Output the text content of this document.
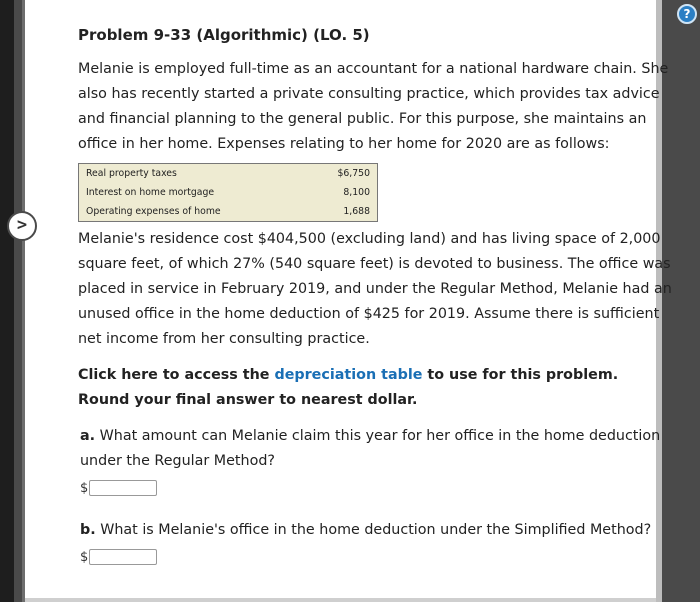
Problem 9-33 (Algorithmic) (LO. 5)

Melanie is employed full-time as an accountant for a national hardware chain. She also has recently started a private consulting practice, which provides tax advice and financial planning to the general public. For this purpose, she maintains an office in her home. Expenses relating to her home for 2020 are as follows:

Real property taxes	$6,750
Interest on home mortgage	8,100
Operating expenses of home	1,688

Melanie's residence cost $404,500 (excluding land) and has living space of 2,000 square feet, of which 27% (540 square feet) is devoted to business. The office was placed in service in February 2019, and under the Regular Method, Melanie had an unused office in the home deduction of $425 for 2019. Assume there is sufficient net income from her consulting practice.

Click here to access the depreciation table to use for this problem. Round your final answer to nearest dollar.

a. What amount can Melanie claim this year for her office in the home deduction under the Regular Method?

$

b. What is Melanie's office in the home deduction under the Simplified Method?

$
>
?
